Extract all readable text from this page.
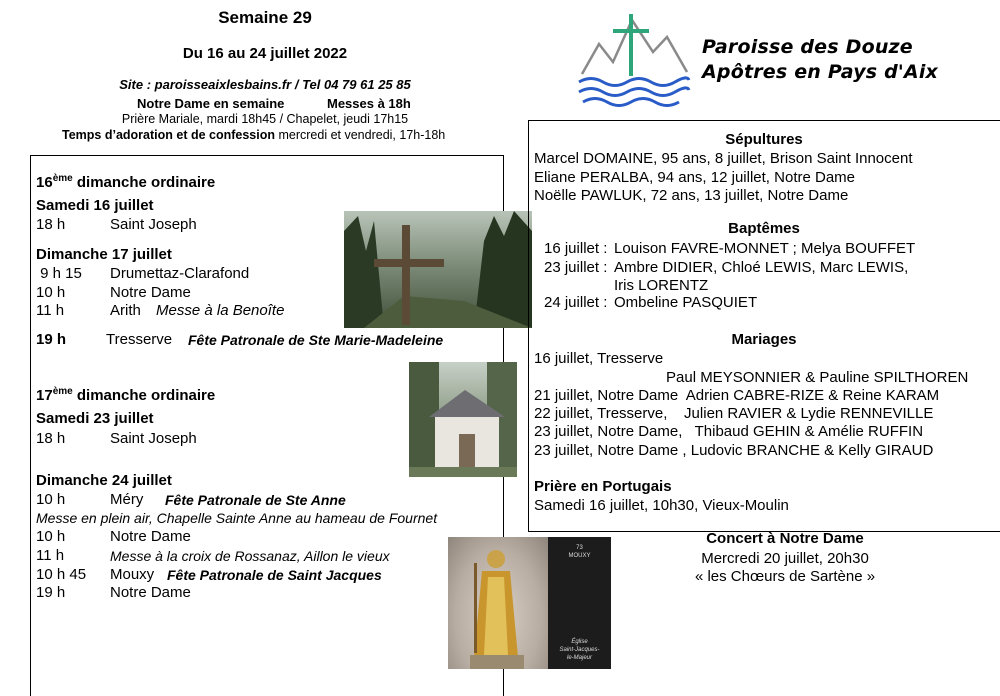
Semaine 29
Du 16 au 24 juillet 2022
Site : paroisseaixlesbains.fr / Tel 04 79 61 25 85
Notre Dame en semaine	Messes à 18h
Prière Mariale, mardi 18h45 / Chapelet, jeudi 17h15
Temps d’adoration et de confession mercredi et vendredi, 17h-18h
Paroisse des Douze
Apôtres en Pays d'Aix
16ème dimanche ordinaire
Samedi 16 juillet
18 h	Saint Joseph
Dimanche 17 juillet
9 h 15 Drumettaz-Clarafond
10 h	Notre Dame
11 h	Arith Messe à la Benoîte
19 h	Tresserve Fête Patronale de Ste Marie-Madeleine
17ème dimanche ordinaire
Samedi 23 juillet
18 h	Saint Joseph
Dimanche 24 juillet
10 h	Méry Fête Patronale de Ste Anne
Messe en plein air, Chapelle Sainte Anne au hameau de Fournet
10 h	Notre Dame
11 h	Messe à la croix de Rossanaz, Aillon le vieux
10 h 45 Mouxy Fête Patronale de Saint Jacques
19 h	Notre Dame
Sépultures
Marcel DOMAINE, 95 ans, 8 juillet, Brison Saint Innocent
Eliane PERALBA, 94 ans, 12 juillet, Notre Dame
Noëlle PAWLUK, 72 ans, 13 juillet, Notre Dame
Baptêmes
16 juillet : Louison FAVRE-MONNET ; Melya BOUFFET
23 juillet : Ambre DIDIER, Chloé LEWIS, Marc LEWIS,
Iris LORENTZ
24 juillet : Ombeline PASQUIET
Mariages
16 juillet, Tresserve
Paul MEYSONNIER & Pauline SPILTHOREN
21 juillet, Notre Dame  Adrien CABRE-RIZE & Reine KARAM
22 juillet, Tresserve,    Julien RAVIER & Lydie RENNEVILLE
23 juillet, Notre Dame,   Thibaud GEHIN & Amélie RUFFIN
23 juillet, Notre Dame , Ludovic BRANCHE & Kelly GIRAUD
Prière en Portugais
Samedi 16 juillet, 10h30, Vieux-Moulin
Concert à Notre Dame
Mercredi 20 juillet, 20h30
« les Chœurs de Sartène »
73
MOUXY
Église
Saint-Jacques-
le-Majeur
